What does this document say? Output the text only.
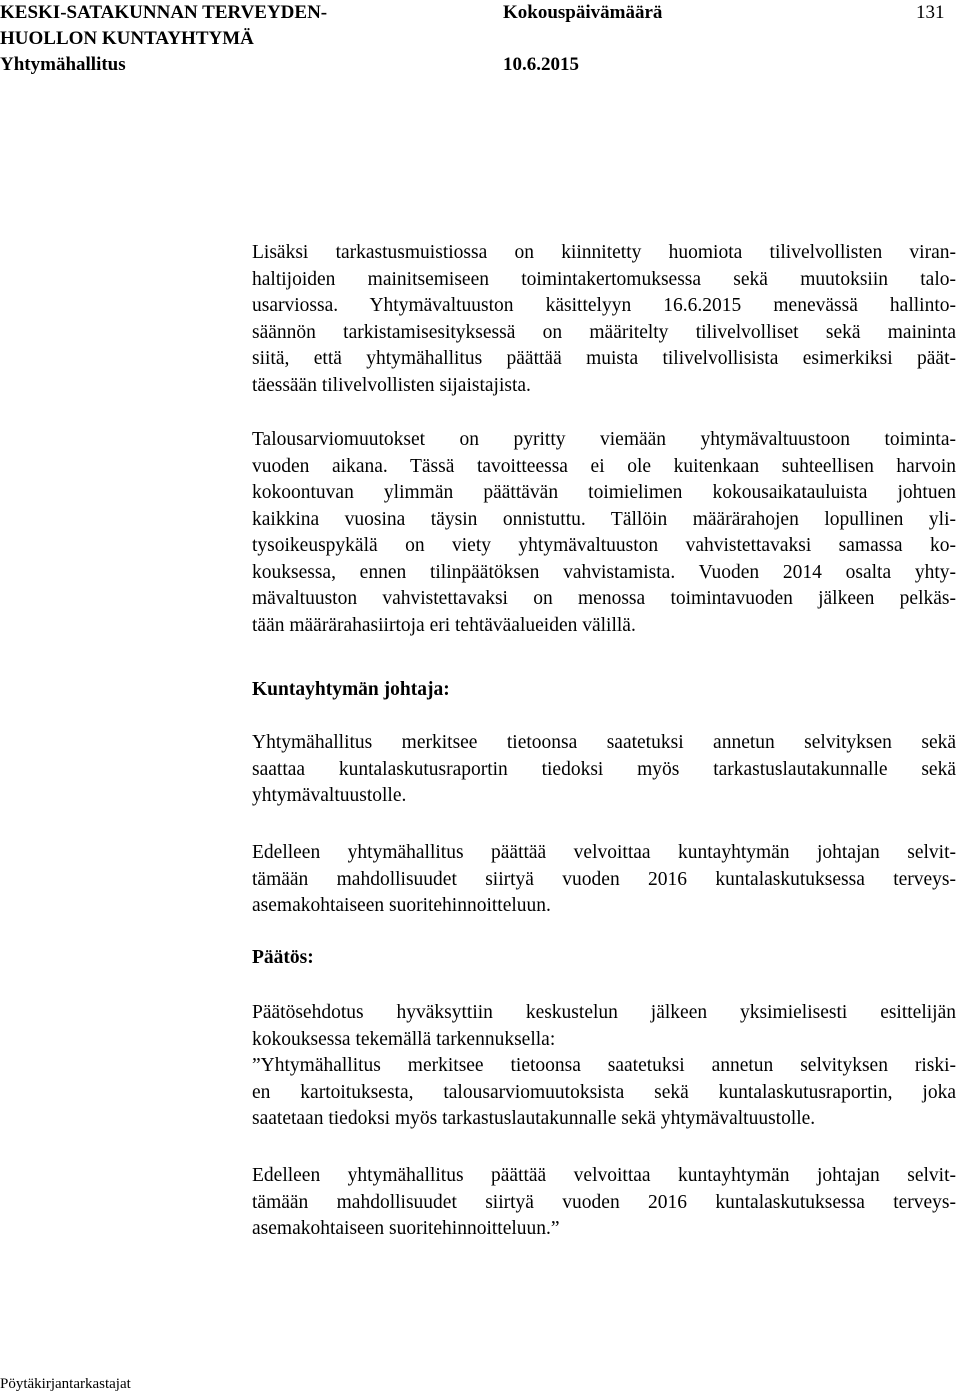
KESKI-SATAKUNNAN TERVEYDEN-
HUOLLON KUNTAYHTYMÄ
Yhtymähallitus
Kokouspäivämäärä

10.6.2015
131

Lisäksi tarkastusmuistiossa on kiinnitetty huomiota tilivelvollisten viran-
haltijoiden mainitsemiseen toimintakertomuksessa sekä muutoksiin talo-
usarviossa. Yhtymävaltuuston käsittelyyn 16.6.2015 menevässä hallinto-
säännön tarkistamisesityksessä on määritelty tilivelvolliset sekä maininta
siitä, että yhtymähallitus päättää muista tilivelvollisista esimerkiksi päät-
täessään tilivelvollisten sijaistajista.

Talousarviomuutokset on pyritty viemään yhtymävaltuustoon toiminta-
vuoden aikana. Tässä tavoitteessa ei ole kuitenkaan suhteellisen harvoin
kokoontuvan ylimmän päättävän toimielimen kokousaikatauluista johtuen
kaikkina vuosina täysin onnistuttu. Tällöin määrärahojen lopullinen yli-
tysoikeuspykälä on viety yhtymävaltuuston vahvistettavaksi samassa ko-
kouksessa, ennen tilinpäätöksen vahvistamista. Vuoden 2014 osalta yhty-
mävaltuuston vahvistettavaksi on menossa toimintavuoden jälkeen pelkäs-
tään määrärahasiirtoja eri tehtäväalueiden välillä.

Kuntayhtymän johtaja:

Yhtymähallitus merkitsee tietoonsa saatetuksi annetun selvityksen sekä
saattaa kuntalaskutusraportin tiedoksi myös tarkastuslautakunnalle sekä
yhtymävaltuustolle.

Edelleen yhtymähallitus päättää velvoittaa kuntayhtymän johtajan selvit-
tämään mahdollisuudet siirtyä vuoden 2016 kuntalaskutuksessa terveys-
asemakohtaiseen suoritehinnoitteluun.

Päätös:

Päätösehdotus hyväksyttiin keskustelun jälkeen yksimielisesti esittelijän
kokouksessa tekemällä tarkennuksella:

”Yhtymähallitus merkitsee tietoonsa saatetuksi annetun selvityksen riski-
en kartoituksesta, talousarviomuutoksista sekä kuntalaskutusraportin, joka
saatetaan tiedoksi myös tarkastuslautakunnalle sekä yhtymävaltuustolle.

Edelleen yhtymähallitus päättää velvoittaa kuntayhtymän johtajan selvit-
tämään mahdollisuudet siirtyä vuoden 2016 kuntalaskutuksessa terveys-
asemakohtaiseen suoritehinnoitteluun.”

Pöytäkirjantarkastajat
